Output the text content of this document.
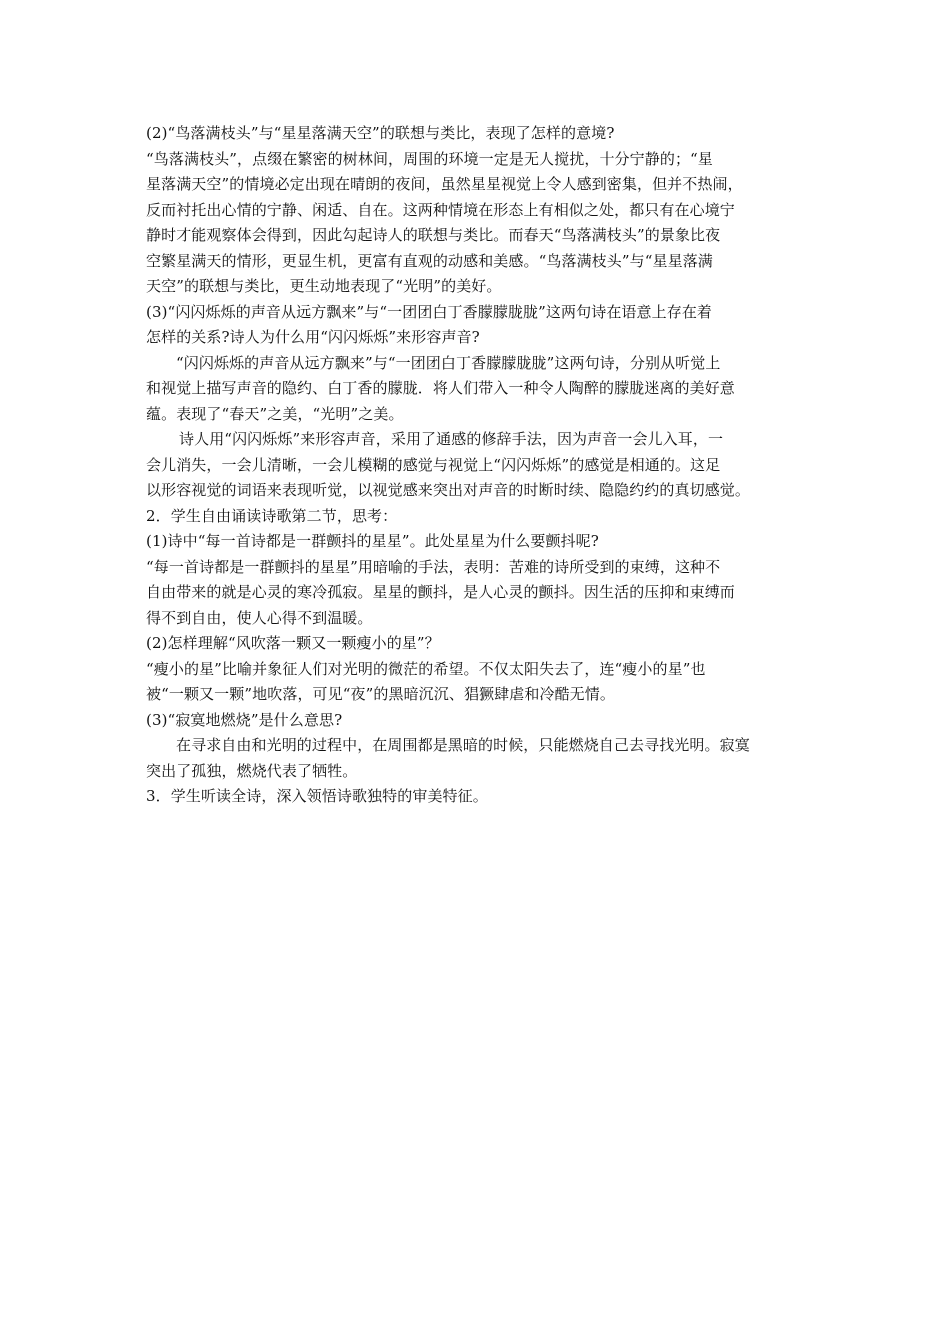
(2)“鸟落满枝头”与“星星落满天空”的联想与类比，表现了怎样的意境?

“鸟落满枝头”，点缀在繁密的树林间，周围的环境一定是无人搅扰，十分宁静的；“星

星落满天空”的情境必定出现在晴朗的夜间，虽然星星视觉上令人感到密集，但并不热闹，

反而衬托出心情的宁静、闲适、自在。这两种情境在形态上有相似之处，都只有在心境宁

静时才能观察体会得到，因此勾起诗人的联想与类比。而春天“鸟落满枝头”的景象比夜

空繁星满天的情形，更显生机，更富有直观的动感和美感。“鸟落满枝头”与“星星落满

天空”的联想与类比，更生动地表现了“光明”的美好。

(3)“闪闪烁烁的声音从远方飘来”与“一团团白丁香朦朦胧胧”这两句诗在语意上存在着

怎样的关系?诗人为什么用“闪闪烁烁”来形容声音?

“闪闪烁烁的声音从远方飘来”与“一团团白丁香朦朦胧胧”这两句诗，分别从听觉上

和视觉上描写声音的隐约、白丁香的朦胧．将人们带入一种令人陶醉的朦胧迷离的美好意

蕴。表现了“春天”之美，“光明”之美。

诗人用“闪闪烁烁”来形容声音，采用了通感的修辞手法，因为声音一会儿入耳，一

会儿消失，一会儿清晰，一会儿模糊的感觉与视觉上“闪闪烁烁”的感觉是相通的。这足

以形容视觉的词语来表现听觉，以视觉感来突出对声音的时断时续、隐隐约约的真切感觉。

2．学生自由诵读诗歌第二节，思考：

(1)诗中“每一首诗都是一群颤抖的星星”。此处星星为什么要颤抖呢?

“每一首诗都是一群颤抖的星星”用暗喻的手法，表明：苦难的诗所受到的束缚，这种不

自由带来的就是心灵的寒冷孤寂。星星的颤抖，是人心灵的颤抖。因生活的压抑和束缚而

得不到自由，使人心得不到温暖。

(2)怎样理解“风吹落一颗又一颗瘦小的星”？

“瘦小的星”比喻并象征人们对光明的微茫的希望。不仅太阳失去了，连“瘦小的星”也

被“一颗又一颗”地吹落，可见“夜”的黑暗沉沉、猖獗肆虐和冷酷无情。

(3)“寂寞地燃烧”是什么意思?

在寻求自由和光明的过程中，在周围都是黑暗的时候，只能燃烧自己去寻找光明。寂寞

突出了孤独，燃烧代表了牺牲。

3．学生听读全诗，深入领悟诗歌独特的审美特征。
